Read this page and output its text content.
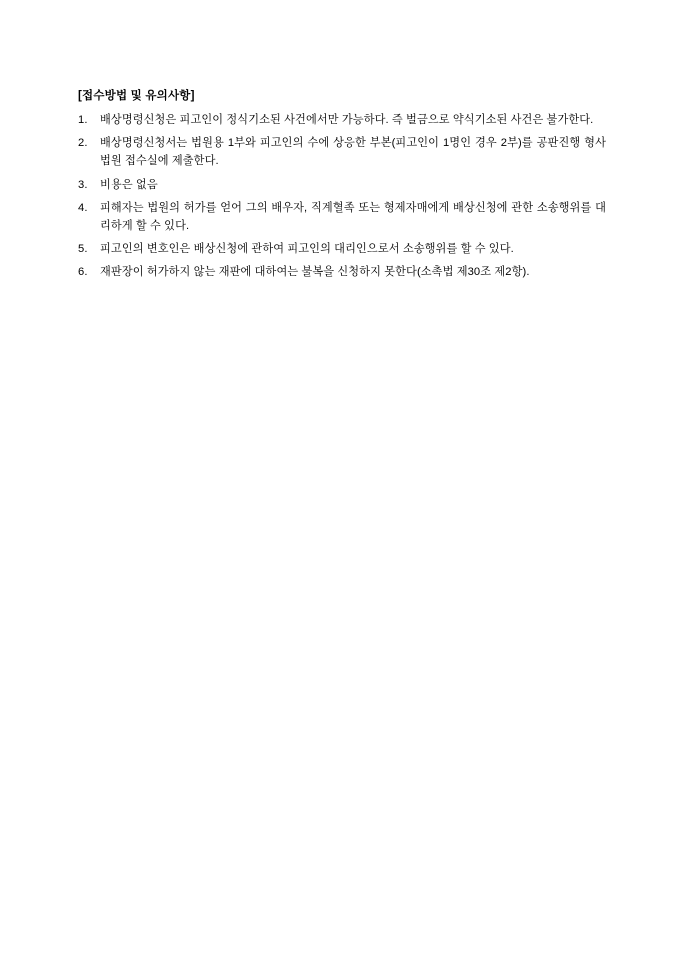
[접수방법 및 유의사항]

1.	배상명령신청은 피고인이 정식기소된 사건에서만 가능하다. 즉 벌금으로 약식기소된 사건은 불가한다.
2.	배상명령신청서는 법원용 1부와 피고인의 수에 상응한 부본(피고인이 1명인 경우 2부)를 공판진행 형사법원 접수실에 제출한다.
3.	비용은 없음
4.	피해자는 법원의 허가를 얻어 그의 배우자, 직계혈족 또는 형제자매에게 배상신청에 관한 소송행위를 대리하게 할 수 있다.
5.	피고인의 변호인은 배상신청에 관하여 피고인의 대리인으로서 소송행위를 할 수 있다.
6.	재판장이 허가하지 않는 재판에 대하여는 불복을 신청하지 못한다(소촉법 제30조 제2항).
